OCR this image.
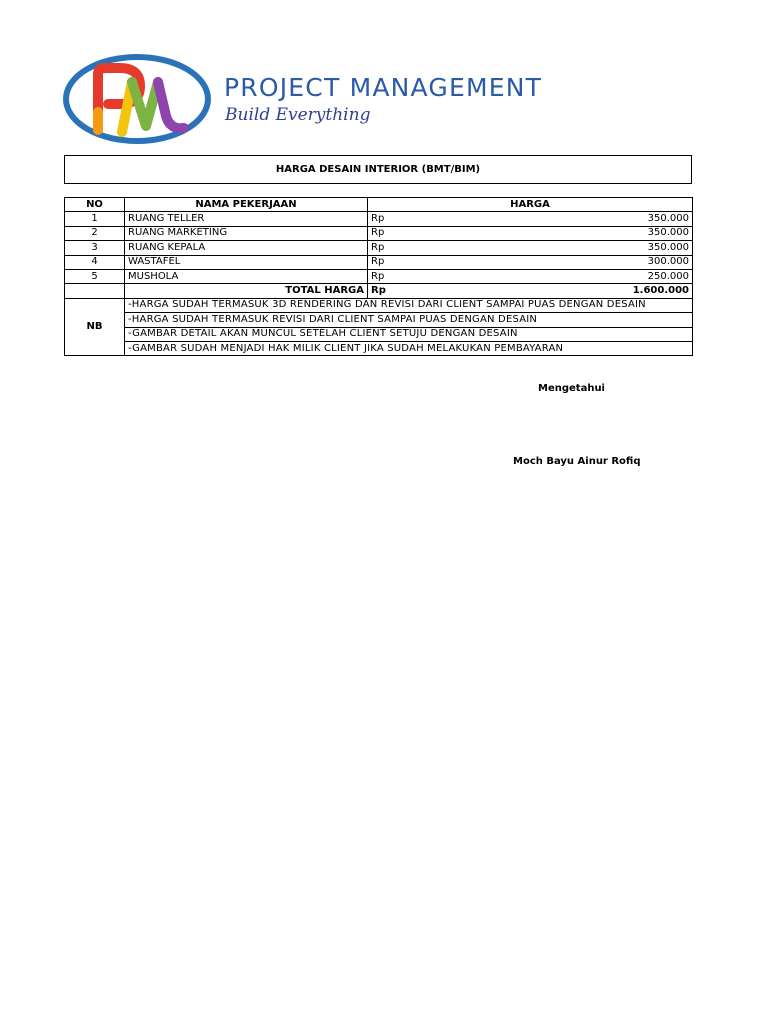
PROJECT MANAGEMENT
Build Everything
HARGA DESAIN INTERIOR (BMT/BIM)
NO	NAMA PEKERJAAN	HARGA	
1	RUANG TELLER	Rp	350.000
2	RUANG MARKETING	Rp	350.000
3	RUANG KEPALA	Rp	350.000
4	WASTAFEL	Rp	300.000
5	MUSHOLA	Rp	250.000
	TOTAL HARGA	Rp	1.600.000
NB	-HARGA SUDAH TERMASUK 3D RENDERING DAN REVISI DARI CLIENT SAMPAI PUAS DENGAN DESAIN		
	-HARGA SUDAH TERMASUK REVISI DARI CLIENT SAMPAI PUAS DENGAN DESAIN		
	-GAMBAR DETAIL AKAN MUNCUL SETELAH CLIENT SETUJU DENGAN DESAIN		
	-GAMBAR SUDAH MENJADI HAK MILIK CLIENT JIKA SUDAH MELAKUKAN PEMBAYARAN		
Mengetahui
Moch Bayu Ainur Rofiq
